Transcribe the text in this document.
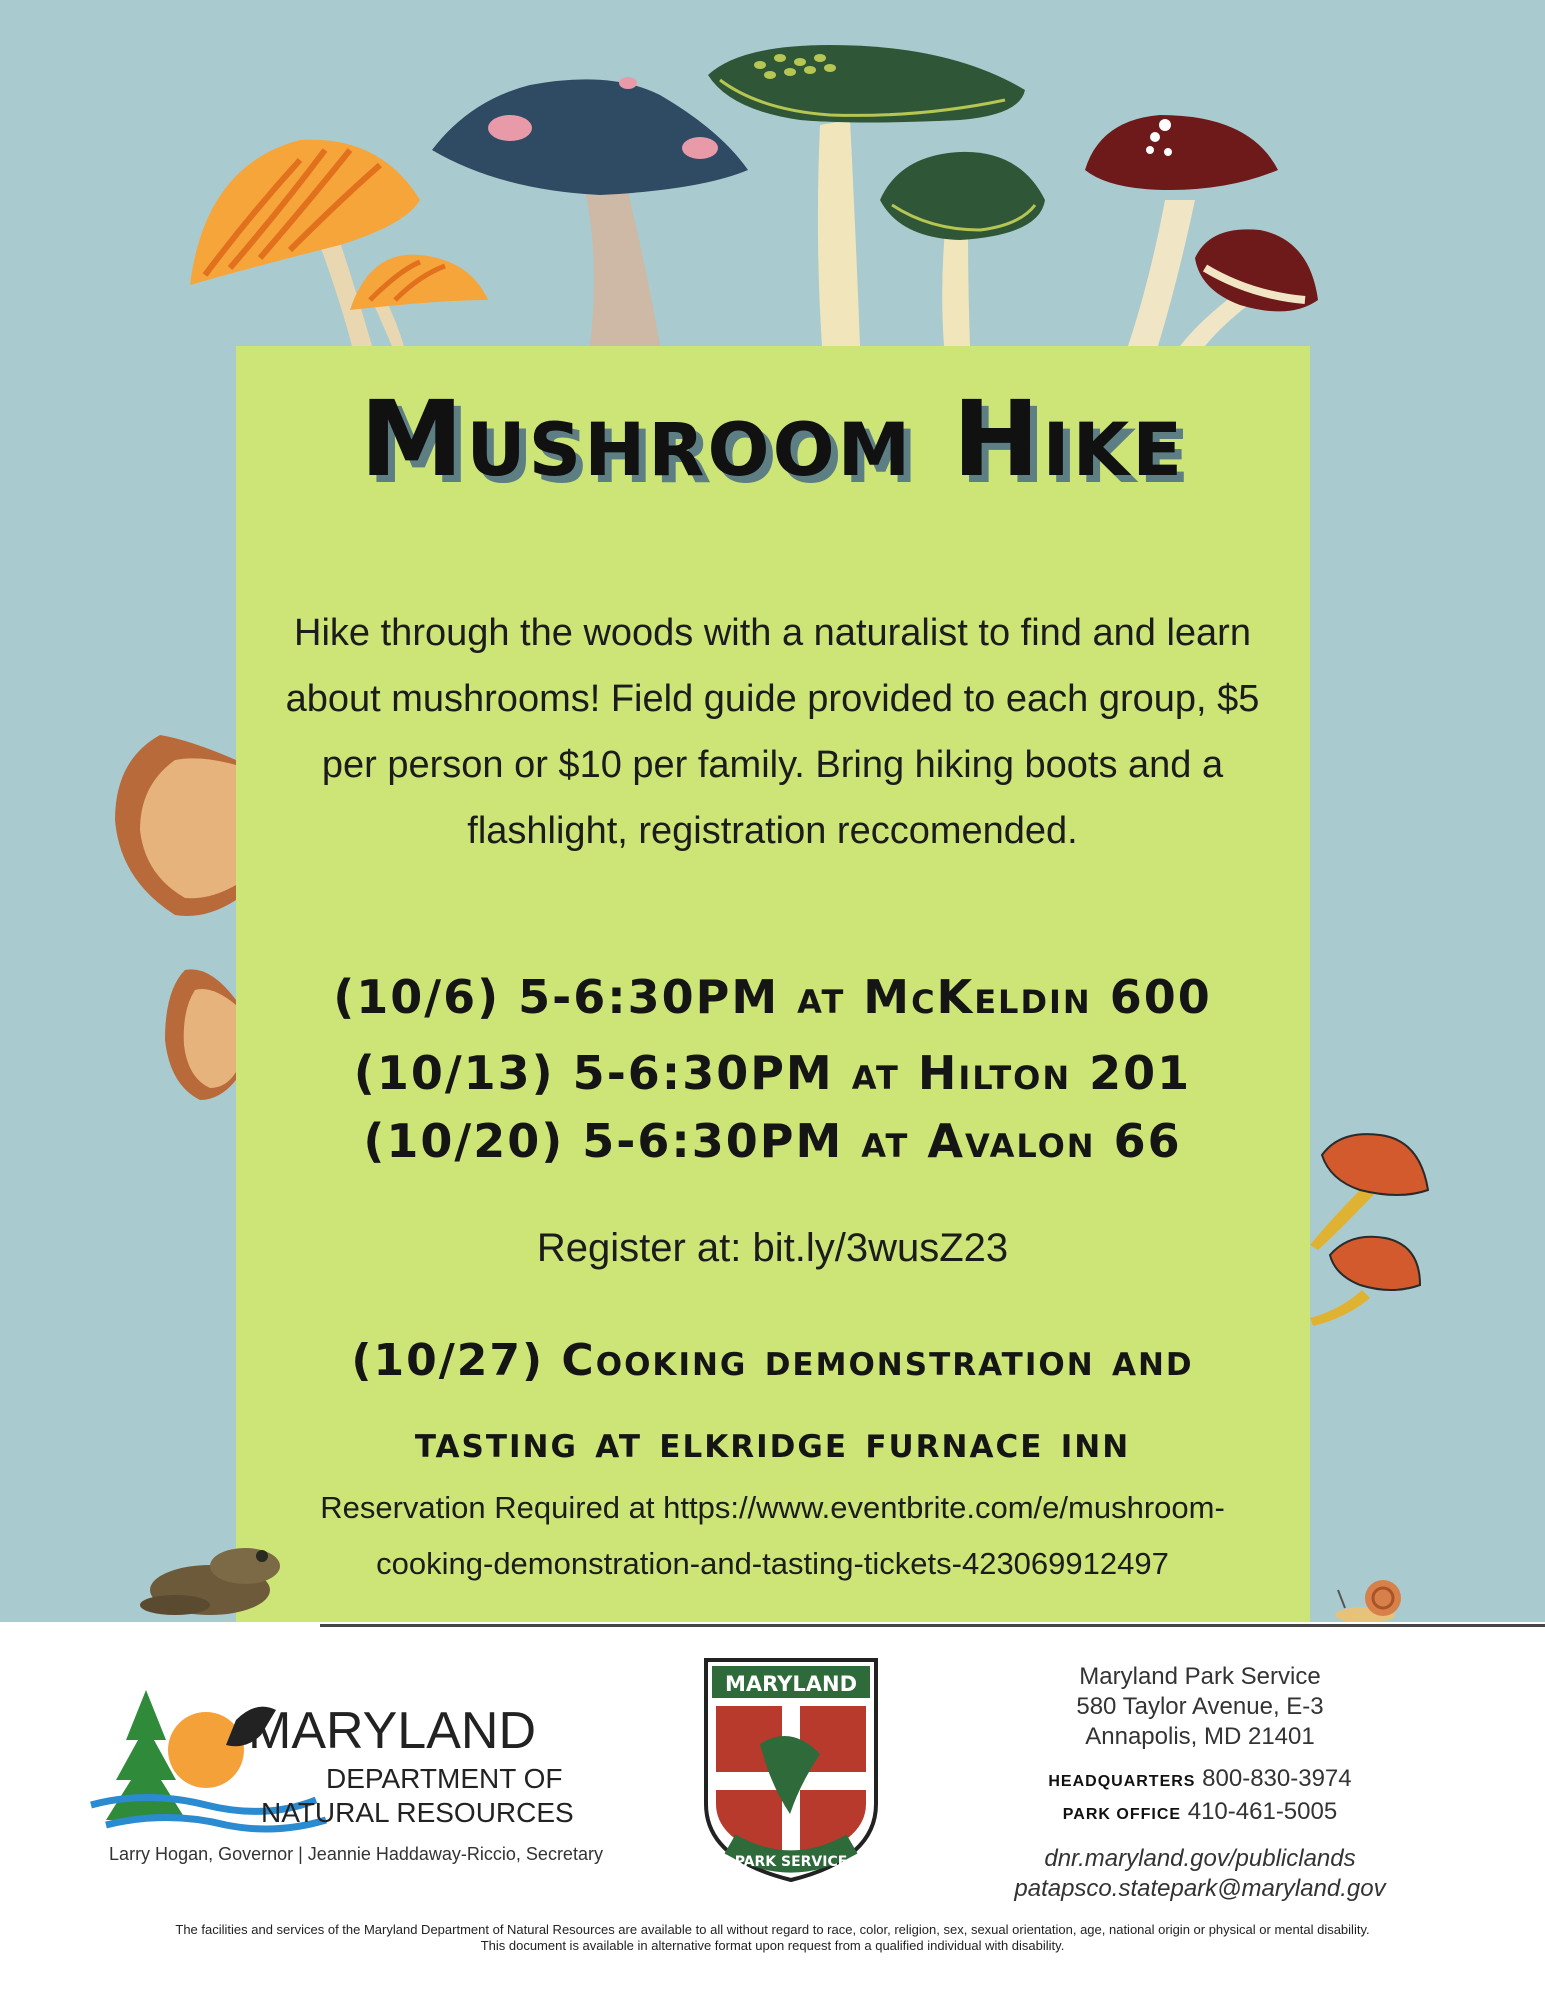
Mushroom Hike
Hike through the woods with a naturalist to find and learn about mushrooms! Field guide provided to each group, $5 per person or $10 per family. Bring hiking boots and a flashlight, registration reccomended.
(10/6) 5-6:30PM at McKeldin 600
(10/13) 5-6:30PM at Hilton 201
(10/20) 5-6:30PM at Avalon 66
Register at: bit.ly/3wusZ23
(10/27) Cooking demonstration and
tasting at elkridge furnace inn
Reservation Required at https://www.eventbrite.com/e/mushroom-
cooking-demonstration-and-tasting-tickets-423069912497
MARYLAND
DEPARTMENT OF
NATURAL RESOURCES
Larry Hogan, Governor | Jeannie Haddaway-Riccio, Secretary
MARYLAND
PARK SERVICE
Maryland Park Service
580 Taylor Avenue, E-3
Annapolis, MD 21401
HEADQUARTERS 800-830-3974
PARK OFFICE 410-461-5005
dnr.maryland.gov/publiclands
patapsco.statepark@maryland.gov
The facilities and services of the Maryland Department of Natural Resources are available to all without regard to race, color, religion, sex, sexual orientation, age, national origin or physical or mental disability.
This document is available in alternative format upon request from a qualified individual with disability.
